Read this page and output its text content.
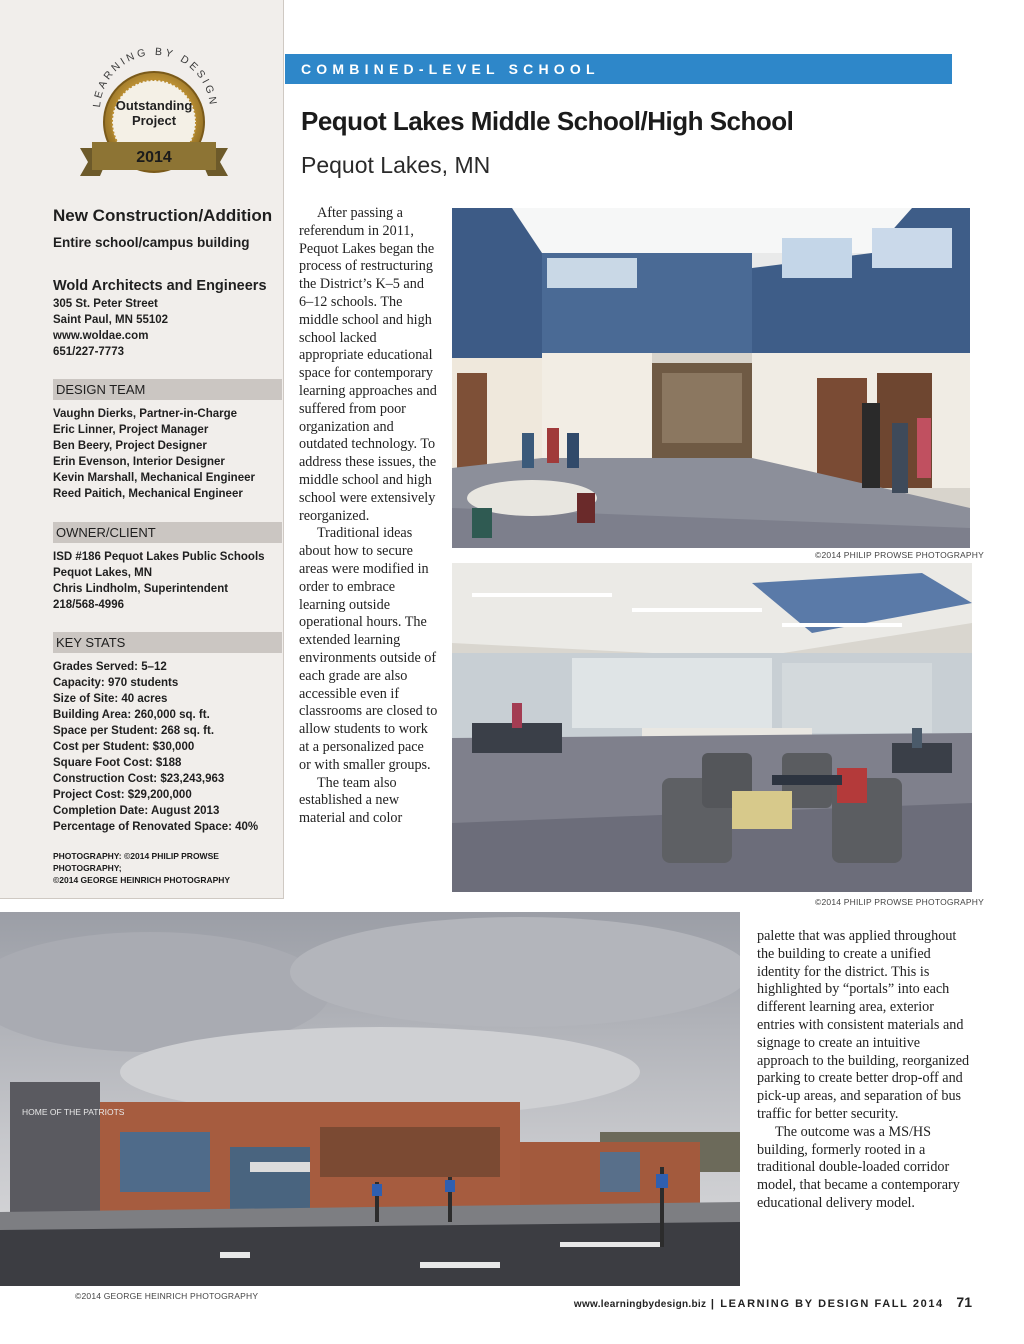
LEARNING BY DESIGN
Outstanding
Project
2014
New Construction/Addition
Entire school/campus building
Wold Architects and Engineers
305 St. Peter Street
Saint Paul, MN 55102
www.woldae.com
651/227-7773
DESIGN TEAM
Vaughn Dierks, Partner-in-Charge
Eric Linner, Project Manager
Ben Beery, Project Designer
Erin Evenson, Interior Designer
Kevin Marshall, Mechanical Engineer
Reed Paitich, Mechanical Engineer
OWNER/CLIENT
ISD #186 Pequot Lakes Public Schools
Pequot Lakes, MN
Chris Lindholm, Superintendent
218/568-4996
KEY STATS
Grades Served: 5–12
Capacity: 970 students
Size of Site: 40 acres
Building Area: 260,000 sq. ft.
Space per Student: 268 sq. ft.
Cost per Student: $30,000
Square Foot Cost: $188
Construction Cost: $23,243,963
Project Cost: $29,200,000
Completion Date: August 2013
Percentage of Renovated Space: 40%
PHOTOGRAPHY: ©2014 PHILIP PROWSE PHOTOGRAPHY;
©2014 GEORGE HEINRICH PHOTOGRAPHY
COMBINED-LEVEL SCHOOL
Pequot Lakes Middle School/High School
Pequot Lakes, MN

After passing a referendum in 2011, Pequot Lakes began the process of restructuring the District’s K–5 and 6–12 schools. The middle school and high school lacked appropriate educational space for contemporary learning approaches and suffered from poor organization and outdated technology. To address these issues, the middle school and high school were extensively reorganized.

Traditional ideas about how to secure areas were modified in order to embrace learning outside operational hours. The extended learning environments outside of each grade are also accessible even if classrooms are closed to allow students to work at a personalized pace or with smaller groups.

The team also established a new material and color

©2014 PHILIP PROWSE PHOTOGRAPHY
©2014 PHILIP PROWSE PHOTOGRAPHY
HOME OF THE PATRIOTS
©2014 GEORGE HEINRICH PHOTOGRAPHY

palette that was applied throughout the building to create a unified identity for the district. This is highlighted by “portals” into each different learning area, exterior entries with consistent materials and signage to create an intuitive approach to the building, reorganized parking to create better drop-off and pick-up areas, and separation of bus traffic for better security.

The outcome was a MS/HS building, formerly rooted in a traditional double-loaded corridor model, that became a contemporary educational delivery model.

www.learningbydesign.biz | LEARNING BY DESIGN FALL 2014 71
